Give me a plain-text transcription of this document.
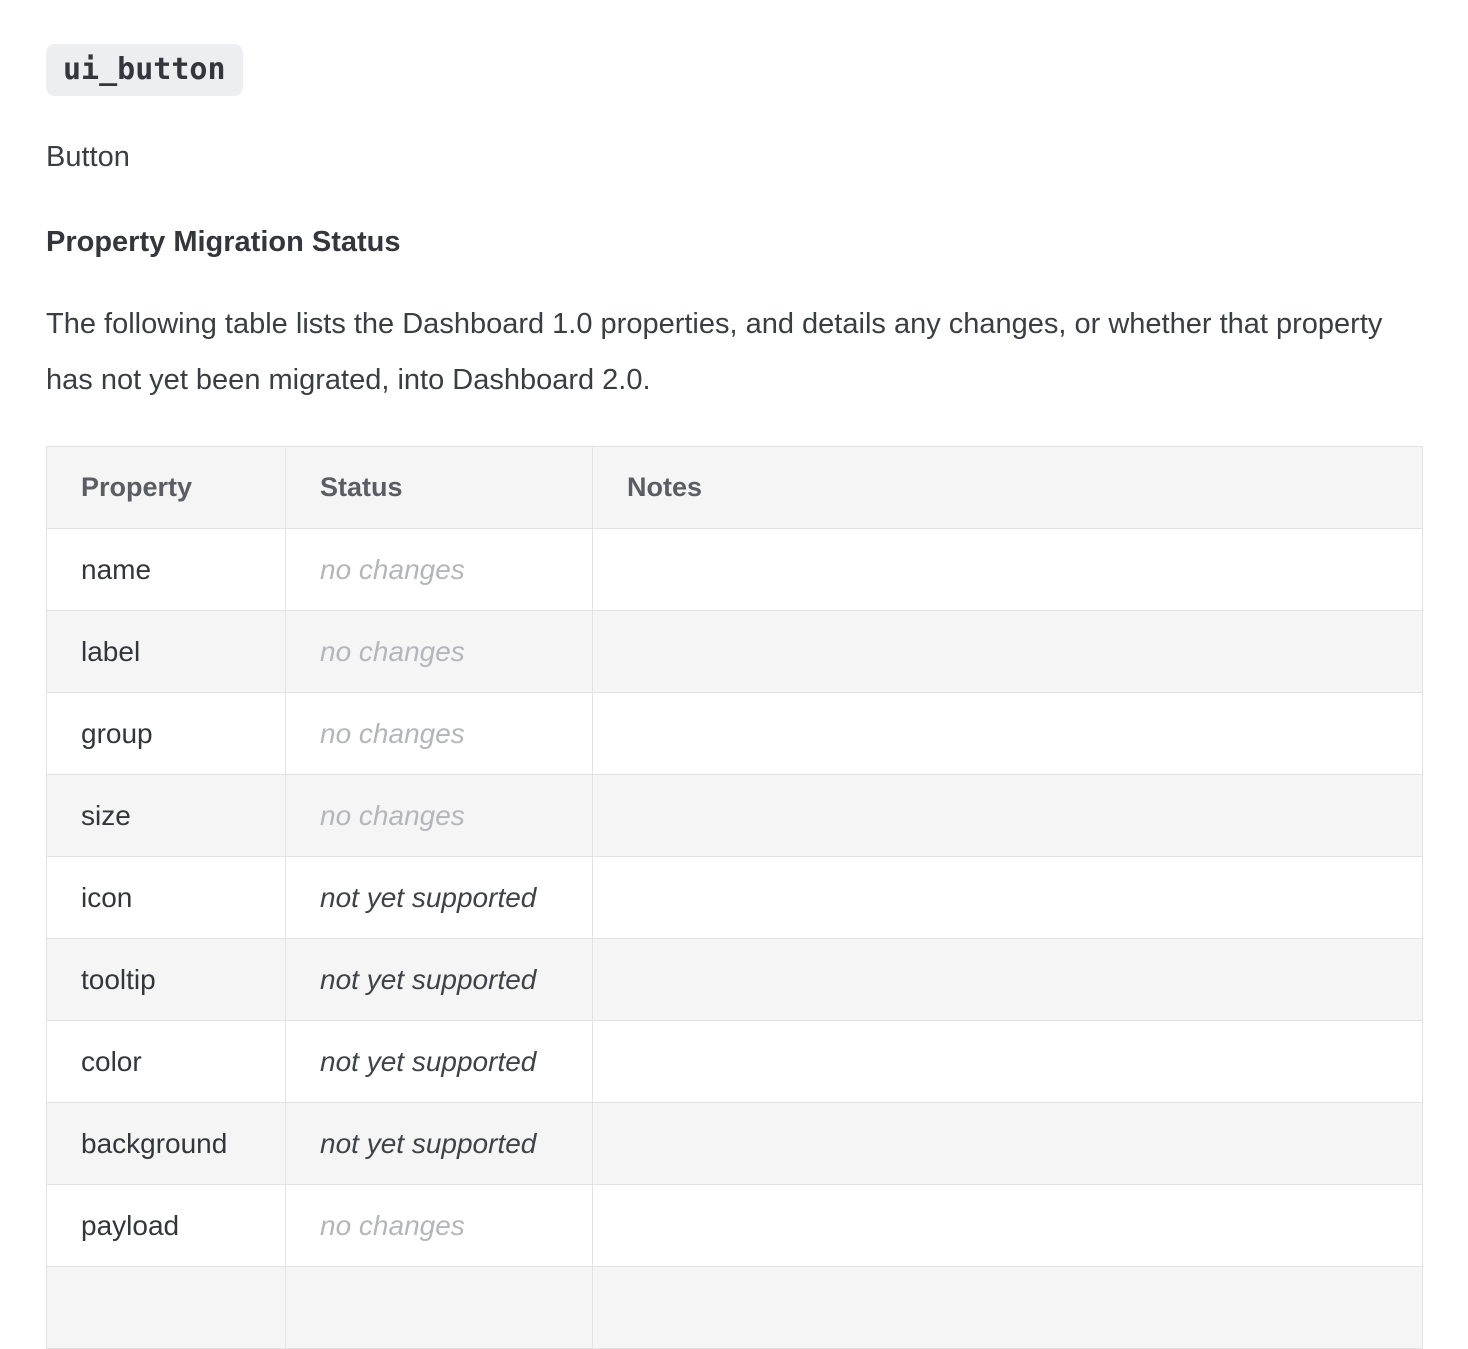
ui_button

Button

Property Migration Status

The following table lists the Dashboard 1.0 properties, and details any changes, or whether that property has not yet been migrated, into Dashboard 2.0.

Property	Status	Notes
name	no changes	
label	no changes	
group	no changes	
size	no changes	
icon	not yet supported	
tooltip	not yet supported	
color	not yet supported	
background	not yet supported	
payload	no changes	
